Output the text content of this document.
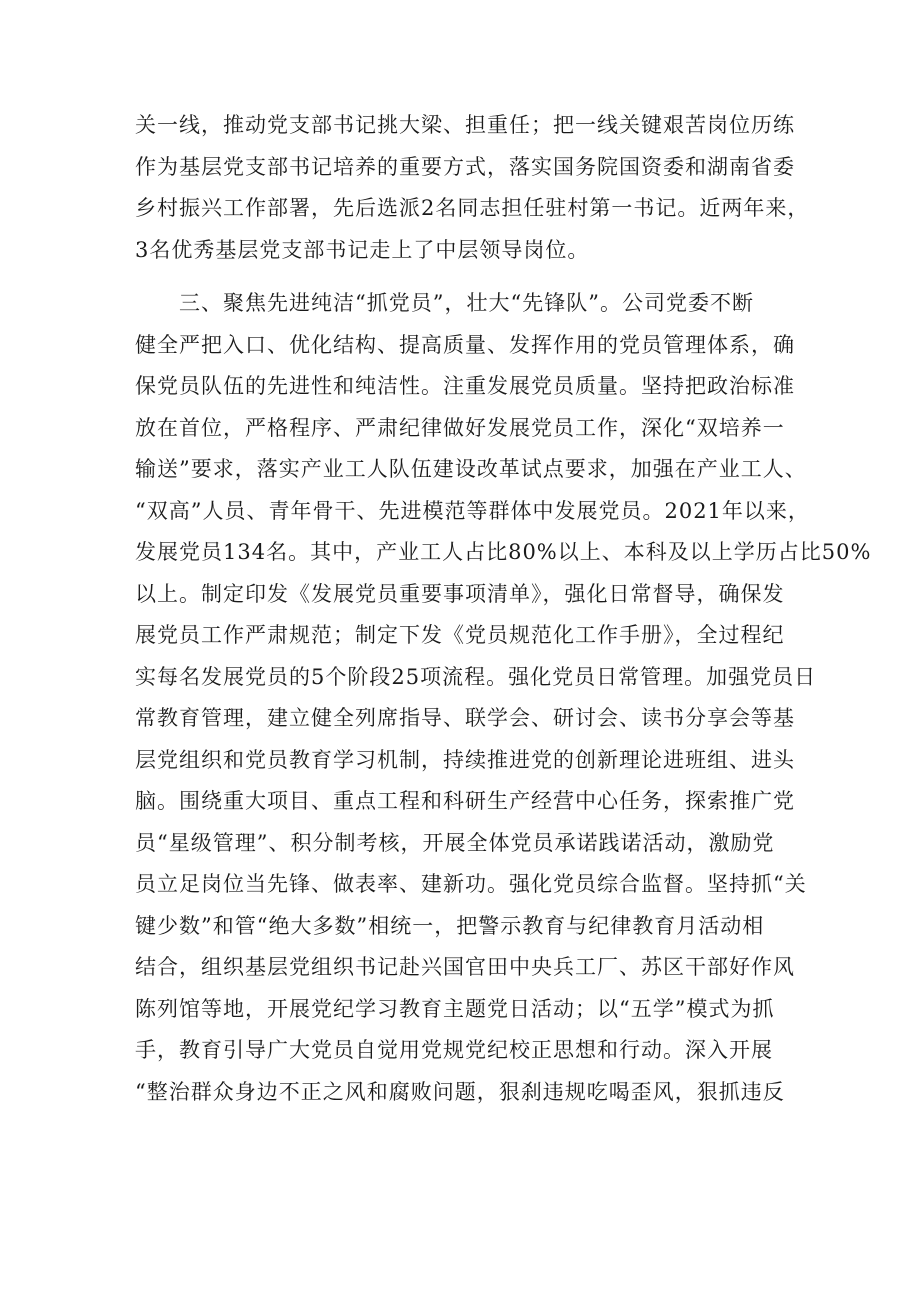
关一线，推动党支部书记挑大梁、担重任；把一线关键艰苦岗位历练
作为基层党支部书记培养的重要方式，落实国务院国资委和湖南省委
乡村振兴工作部署，先后选派2名同志担任驻村第一书记。近两年来，
3名优秀基层党支部书记走上了中层领导岗位。
　　三、聚焦先进纯洁“抓党员”，壮大“先锋队”。公司党委不断
健全严把入口、优化结构、提高质量、发挥作用的党员管理体系，确
保党员队伍的先进性和纯洁性。注重发展党员质量。坚持把政治标准
放在首位，严格程序、严肃纪律做好发展党员工作，深化“双培养一
输送”要求，落实产业工人队伍建设改革试点要求，加强在产业工人、
“双高”人员、青年骨干、先进模范等群体中发展党员。2021年以来，
发展党员134名。其中，产业工人占比80%以上、本科及以上学历占比50%
以上。制定印发《发展党员重要事项清单》，强化日常督导，确保发
展党员工作严肃规范；制定下发《党员规范化工作手册》，全过程纪
实每名发展党员的5个阶段25项流程。强化党员日常管理。加强党员日
常教育管理，建立健全列席指导、联学会、研讨会、读书分享会等基
层党组织和党员教育学习机制，持续推进党的创新理论进班组、进头
脑。围绕重大项目、重点工程和科研生产经营中心任务，探索推广党
员“星级管理”、积分制考核，开展全体党员承诺践诺活动，激励党
员立足岗位当先锋、做表率、建新功。强化党员综合监督。坚持抓“关
键少数”和管“绝大多数”相统一，把警示教育与纪律教育月活动相
结合，组织基层党组织书记赴兴国官田中央兵工厂、苏区干部好作风
陈列馆等地，开展党纪学习教育主题党日活动；以“五学”模式为抓
手，教育引导广大党员自觉用党规党纪校正思想和行动。深入开展
“整治群众身边不正之风和腐败问题，狠刹违规吃喝歪风，狠抓违反
